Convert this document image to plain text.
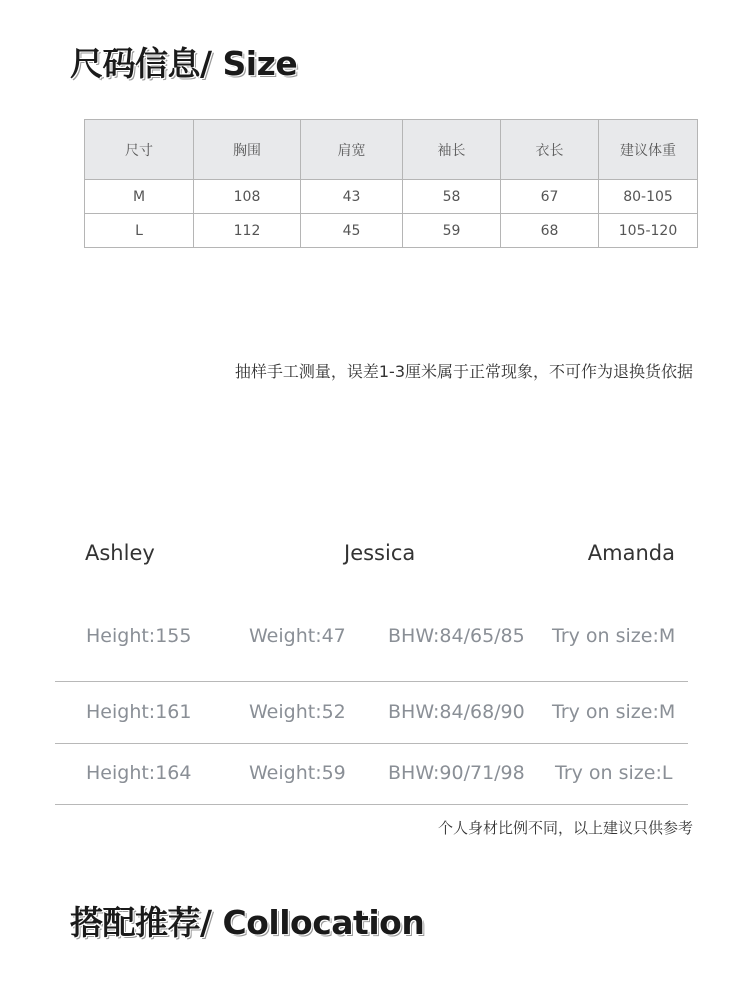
尺码信息/ Size
尺寸	胸围	肩宽	袖长	衣长	建议体重
M	108	43	58	67	80-105
L	112	45	59	68	105-120
抽样手工测量，误差1-3厘米属于正常现象，不可作为退换货依据
Ashley	Jessica	Amanda
Height:155	Weight:47 BHW:84/65/85 Try on size:M
Height:161	Weight:52 BHW:84/68/90 Try on size:M
Height:164	Weight:59 BHW:90/71/98 Try on size:L
个人身材比例不同，以上建议只供参考
搭配推荐/ Collocation
